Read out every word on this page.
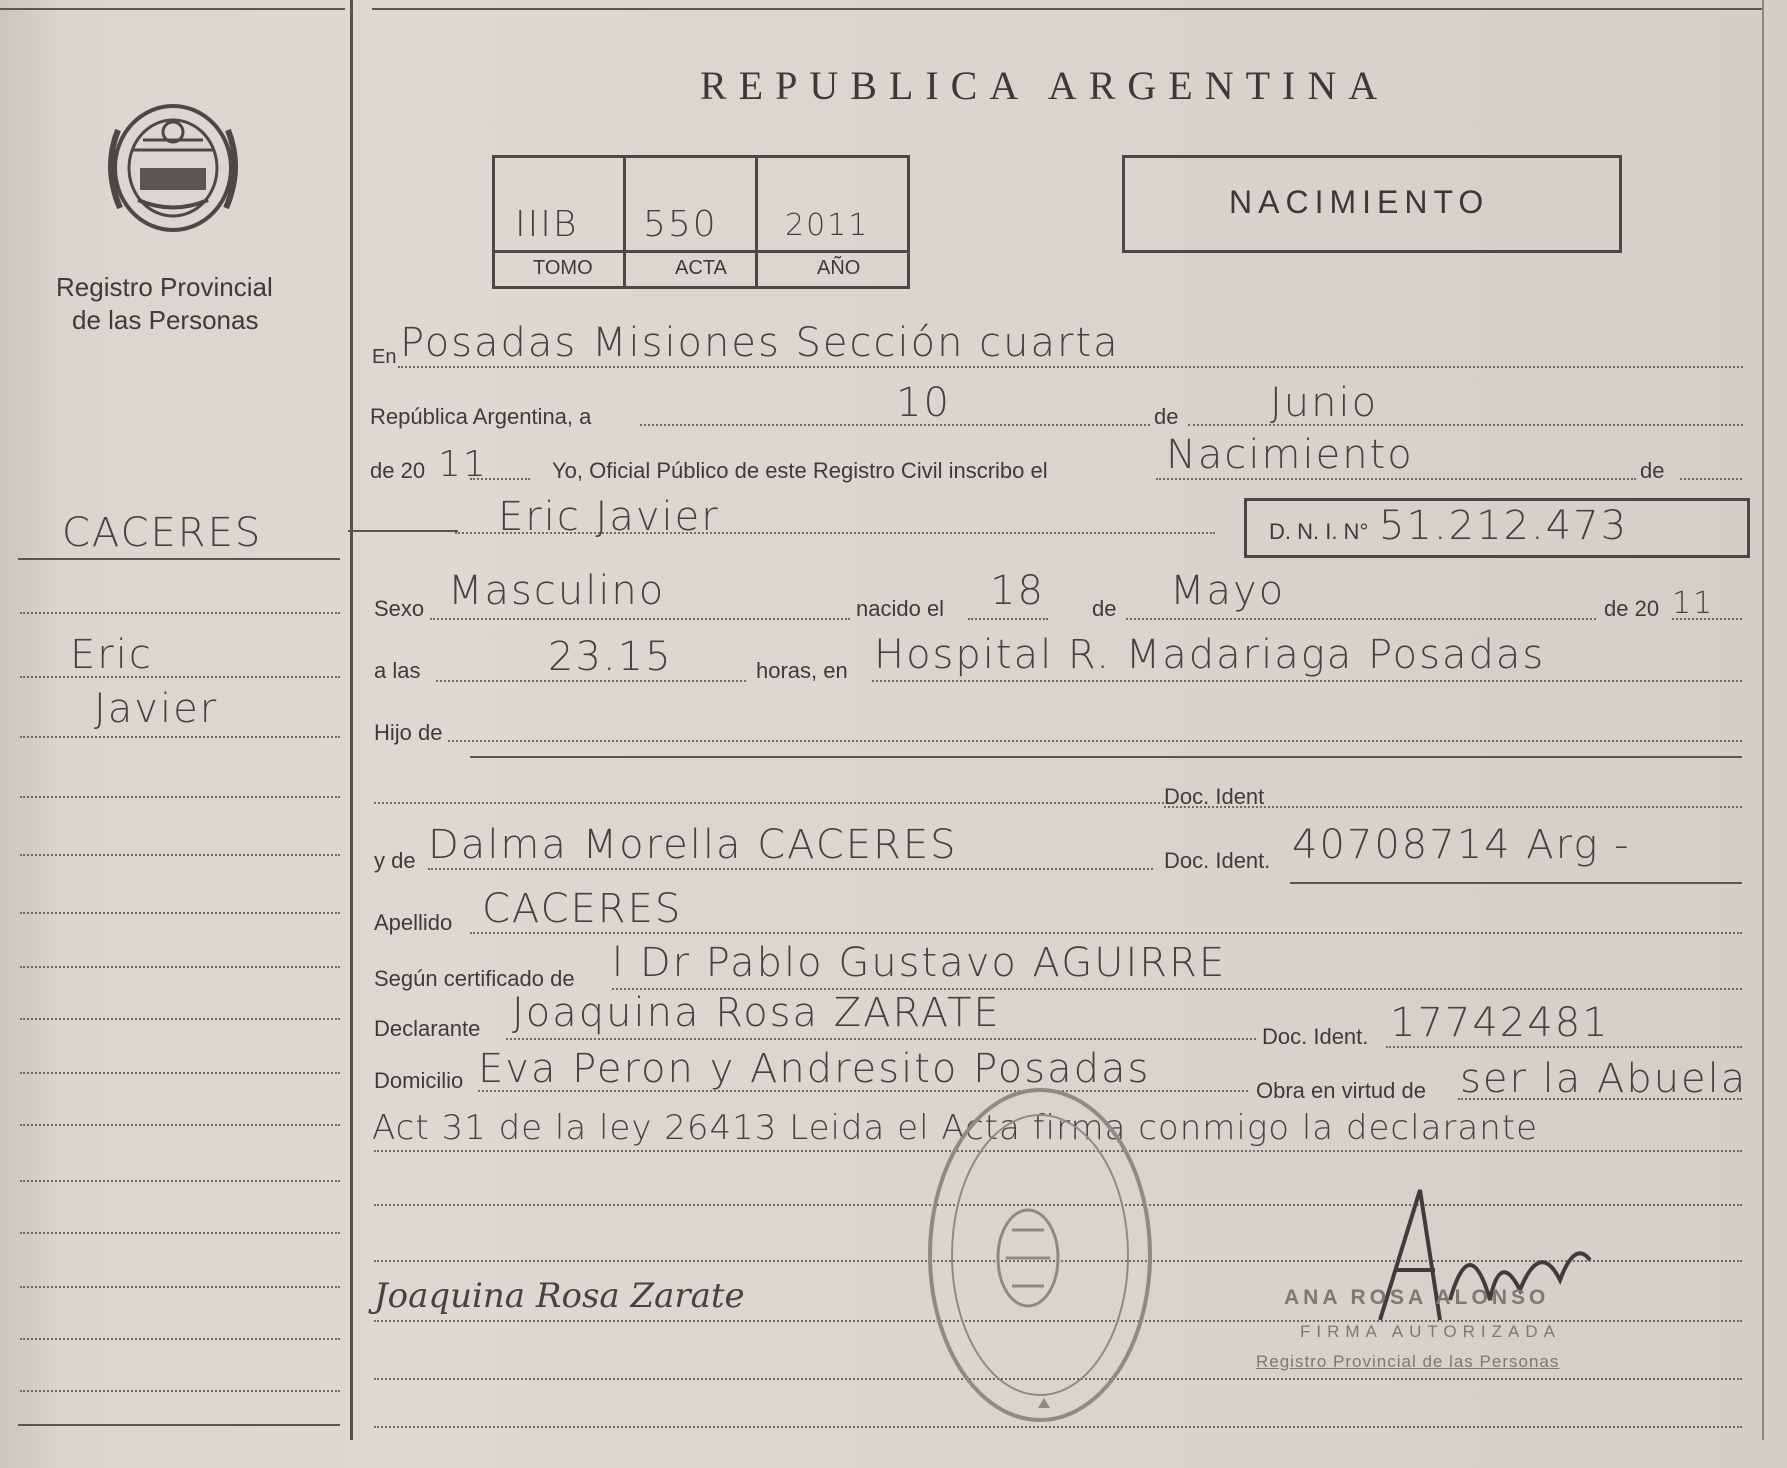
Registro Provincial
de las Personas
REPUBLICA ARGENTINA
IIIB 550 2011
TOMO	ACTA	AÑO
NACIMIENTO
CACERES
Eric
Javier
En Posadas Misiones Sección cuarta
República Argentina, a	10	de Junio
de 20 11	Yo, Oficial Público de este Registro Civil inscribo el	Nacimiento	de
Eric Javier	D. N. I. N° 51.212.473
Sexo Masculino	nacido el 18 de Mayo	de 20 11
a las	23.15	horas, en Hospital R. Madariaga Posadas
Hijo de
Doc. Ident
y de Dalma Morella CACERES	Doc. Ident. 40708714 Arg -
Apellido CACERES
Según certificado de l Dr Pablo Gustavo AGUIRRE
Declarante Joaquina Rosa ZARATE
Doc. Ident. 17742481
Domicilio Eva Peron y Andresito Posadas	Obra en virtud de ser la Abuela
Act 31 de la ley 26413 Leida el Acta firma conmigo la declarante
Joaquina Rosa Zarate	ANA ROSA ALONSO
FIRMA AUTORIZADA
Registro Provincial de las Personas
